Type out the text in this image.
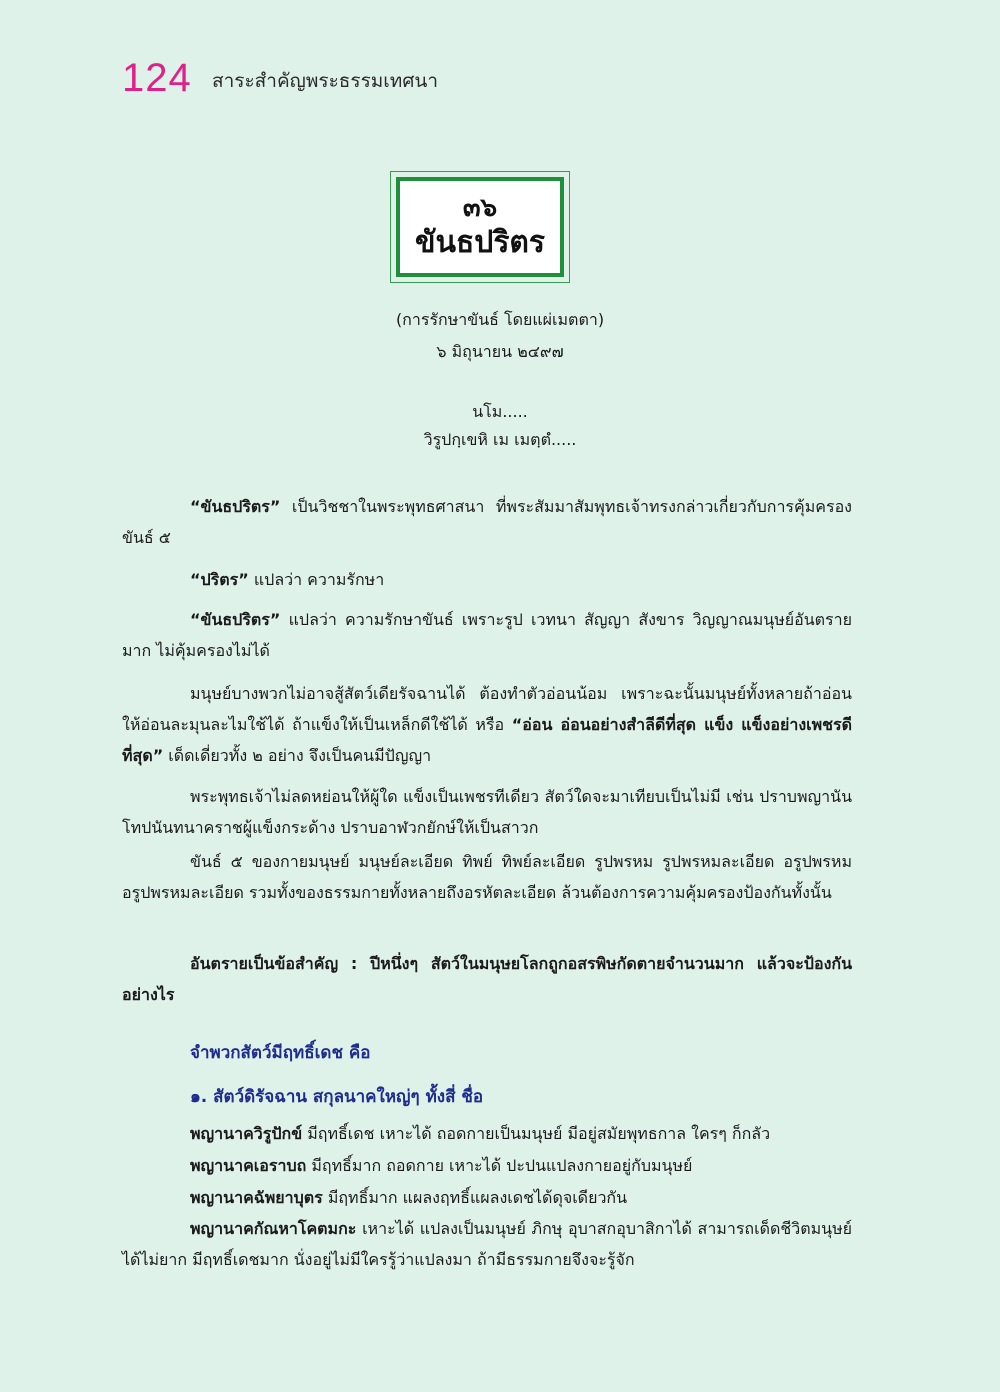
124 สาระสำคัญพระธรรมเทศนา
๓๖
ขันธปริตร
(การรักษาขันธ์ โดยแผ่เมตตา)
๖ มิถุนายน ๒๔๙๗
นโม.....
วิรูปกฺเขหิ เม เมตฺตํ.....
“ขันธปริตร” เป็นวิชชาในพระพุทธศาสนา ที่พระสัมมาสัมพุทธเจ้าทรงกล่าวเกี่ยวกับการคุ้มครองขันธ์ ๕
“ปริตร” แปลว่า ความรักษา
“ขันธปริตร” แปลว่า ความรักษาขันธ์ เพราะรูป เวทนา สัญญา สังขาร วิญญาณมนุษย์อันตรายมาก ไม่คุ้มครองไม่ได้
มนุษย์บางพวกไม่อาจสู้สัตว์เดียรัจฉานได้ ต้องทำตัวอ่อนน้อม เพราะฉะนั้นมนุษย์ทั้งหลายถ้าอ่อนให้อ่อนละมุนละไมใช้ได้ ถ้าแข็งให้เป็นเหล็กดีใช้ได้ หรือ “อ่อน อ่อนอย่างสำลีดีที่สุด แข็ง แข็งอย่างเพชรดีที่สุด” เด็ดเดี่ยวทั้ง ๒ อย่าง จึงเป็นคนมีปัญญา
พระพุทธเจ้าไม่ลดหย่อนให้ผู้ใด แข็งเป็นเพชรทีเดียว สัตว์ใดจะมาเทียบเป็นไม่มี เช่น ปราบพญานันโทปนันทนาคราชผู้แข็งกระด้าง ปราบอาฬวกยักษ์ให้เป็นสาวก
ขันธ์ ๕ ของกายมนุษย์ มนุษย์ละเอียด ทิพย์ ทิพย์ละเอียด รูปพรหม รูปพรหมละเอียด อรูปพรหม อรูปพรหมละเอียด รวมทั้งของธรรมกายทั้งหลายถึงอรหัตละเอียด ล้วนต้องการความคุ้มครองป้องกันทั้งนั้น
อันตรายเป็นข้อสำคัญ : ปีหนึ่งๆ สัตว์ในมนุษยโลกถูกอสรพิษกัดตายจำนวนมาก แล้วจะป้องกันอย่างไร
จำพวกสัตว์มีฤทธิ์เดช คือ
๑. สัตว์ดิรัจฉาน สกุลนาคใหญ่ๆ ทั้งสี่ ชื่อ
พญานาควิรูปักข์ มีฤทธิ์เดช เหาะได้ ถอดกายเป็นมนุษย์ มีอยู่สมัยพุทธกาล ใครๆ ก็กลัว
พญานาคเอราบถ มีฤทธิ์มาก ถอดกาย เหาะได้ ปะปนแปลงกายอยู่กับมนุษย์
พญานาคฉัพยาบุตร มีฤทธิ์มาก แผลงฤทธิ์แผลงเดชได้ดุจเดียวกัน
พญานาคกัณหาโคตมกะ เหาะได้ แปลงเป็นมนุษย์ ภิกษุ อุบาสกอุบาสิกาได้ สามารถเด็ดชีวิตมนุษย์ได้ไม่ยาก มีฤทธิ์เดชมาก นั่งอยู่ไม่มีใครรู้ว่าแปลงมา ถ้ามีธรรมกายจึงจะรู้จัก
